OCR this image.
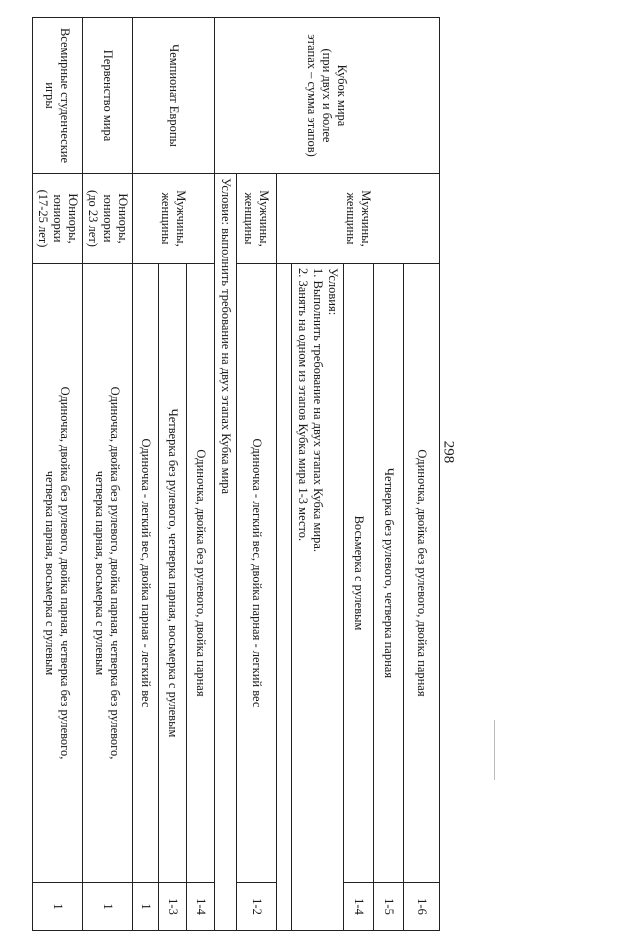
298
Кубок мира
(при двух и более
этапах – сумма этапов)	Мужчины,
женщины	Одиночка, двойка без рулевого, двойка парная	1-6
		Четверка без рулевого, четверка парная	1-5
		Восьмерка с рулевым	1-4

		Условия:
1. Выполнить требование на двух этапах Кубка мира.
2. Занять на одном из этапов Кубка мира 1-3 место.	

	Мужчины,
женщины	Одиночка - легкий вес, двойка парная - легкий вес	1-2
	Условие: выполнить требование на двух этапах Кубка мира		
Чемпионат Европы	Мужчины,
женщины	Одиночка, двойка без рулевого, двойка парная	1-4
		Четверка без рулевого, четверка парная, восьмерка с рулевым	1-3
		Одиночка - легкий вес, двойка парная - легкий вес	1
Первенство мира	Юниоры, юниорки
(до 23 лет)	Одиночка, двойка без рулевого, двойка парная, четверка без рулевого,
четверка парная, восьмерка с рулевым	1
Всемирные студенческие
игры	Юниоры, юниорки
(17-25 лет)	Одиночка, двойка без рулевого, двойка парная, четверка без рулевого,
четверка парная, восьмерка с рулевым	1
